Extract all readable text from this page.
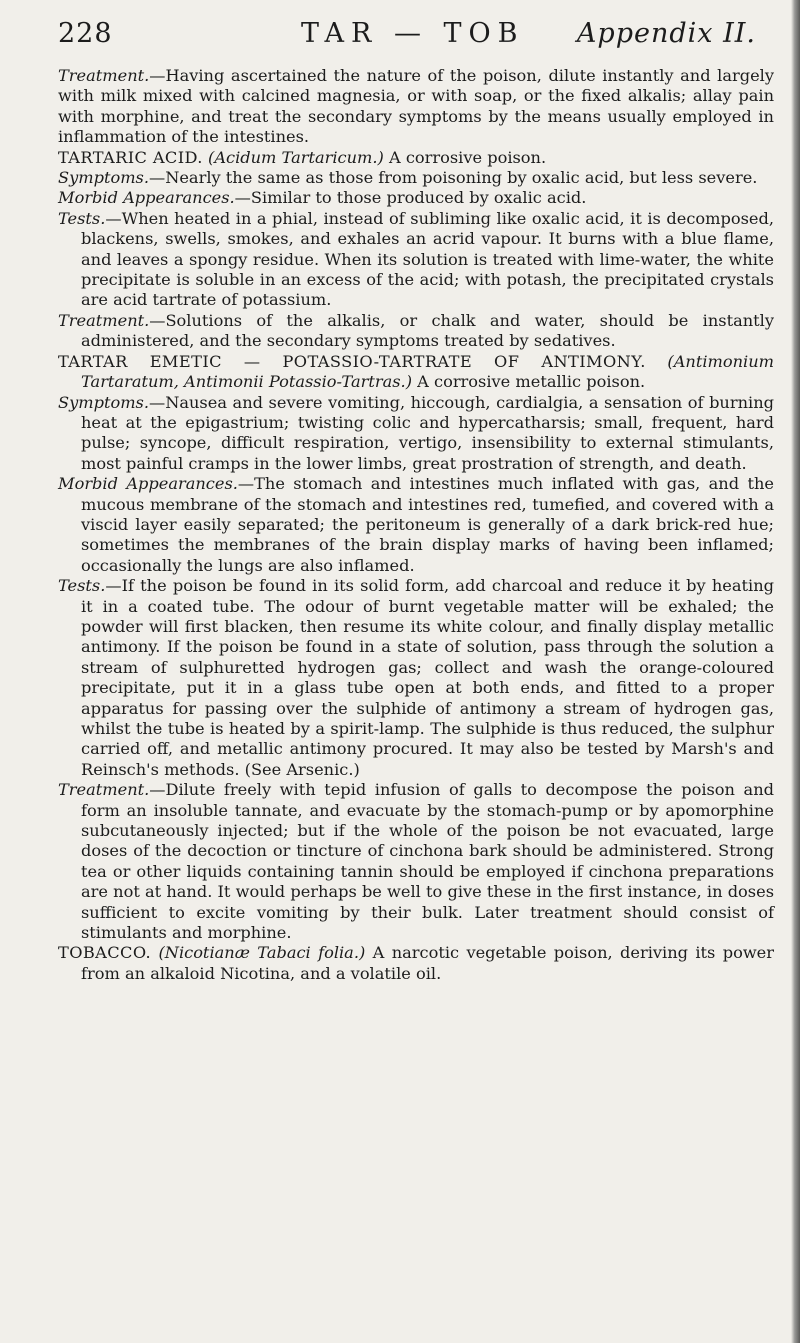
228	TAR — TOB Appendix II.

Treatment.—Having ascertained the nature of the poison, dilute instantly and largely with milk mixed with calcined magnesia, or with soap, or the fixed alkalis; allay pain with morphine, and treat the secondary symptoms by the means usually employed in inflammation of the intestines.

TARTARIC ACID. (Acidum Tartaricum.) A corrosive poison.

Symptoms.—Nearly the same as those from poisoning by oxalic acid, but less severe.

Morbid Appearances.—Similar to those produced by oxalic acid.

Tests.—When heated in a phial, instead of subliming like oxalic acid, it is decomposed, blackens, swells, smokes, and exhales an acrid vapour. It burns with a blue flame, and leaves a spongy residue. When its solution is treated with lime-water, the white precipitate is soluble in an excess of the acid; with potash, the precipitated crystals are acid tartrate of potassium.

Treatment.—Solutions of the alkalis, or chalk and water, should be instantly administered, and the secondary symptoms treated by sedatives.

TARTAR EMETIC — POTASSIO-TARTRATE OF ANTIMONY. (Antimonium Tartaratum, Antimonii Potassio-Tartras.) A corrosive metallic poison.

Symptoms.—Nausea and severe vomiting, hiccough, cardialgia, a sensation of burning heat at the epigastrium; twisting colic and hypercatharsis; small, frequent, hard pulse; syncope, difficult respiration, vertigo, insensibility to external stimulants, most painful cramps in the lower limbs, great prostration of strength, and death.

Morbid Appearances.—The stomach and intestines much inflated with gas, and the mucous membrane of the stomach and intestines red, tumefied, and covered with a viscid layer easily separated; the peritoneum is generally of a dark brick-red hue; sometimes the membranes of the brain display marks of having been inflamed; occasionally the lungs are also inflamed.

Tests.—If the poison be found in its solid form, add charcoal and reduce it by heating it in a coated tube. The odour of burnt vegetable matter will be exhaled; the powder will first blacken, then resume its white colour, and finally display metallic antimony. If the poison be found in a state of solution, pass through the solution a stream of sulphuretted hydrogen gas; collect and wash the orange-coloured precipitate, put it in a glass tube open at both ends, and fitted to a proper apparatus for passing over the sulphide of antimony a stream of hydrogen gas, whilst the tube is heated by a spirit-lamp. The sulphide is thus reduced, the sulphur carried off, and metallic antimony procured. It may also be tested by Marsh's and Reinsch's methods. (See Arsenic.)

Treatment.—Dilute freely with tepid infusion of galls to decompose the poison and form an insoluble tannate, and evacuate by the stomach-pump or by apomorphine subcutaneously injected; but if the whole of the poison be not evacuated, large doses of the decoction or tincture of cinchona bark should be administered. Strong tea or other liquids containing tannin should be employed if cinchona preparations are not at hand. It would perhaps be well to give these in the first instance, in doses sufficient to excite vomiting by their bulk. Later treatment should consist of stimulants and morphine.

TOBACCO. (Nicotianæ Tabaci folia.) A narcotic vegetable poison, deriving its power from an alkaloid Nicotina, and a volatile oil.
